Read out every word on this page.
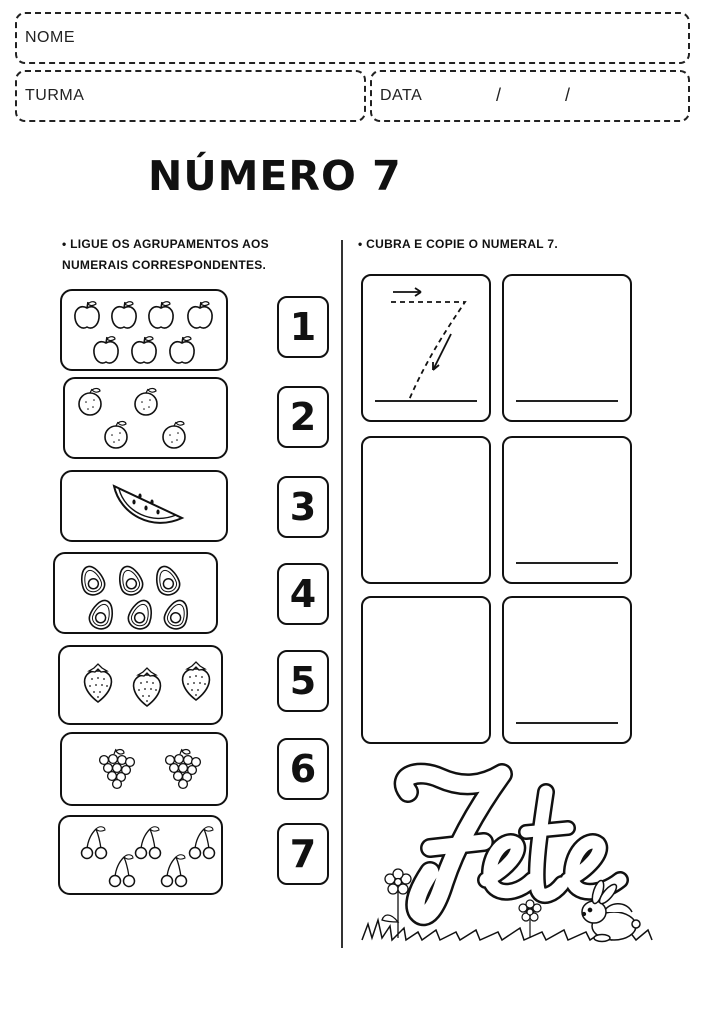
NOME
TURMA	DATA	/	/
NÚMERO 7
• LIGUE OS AGRUPAMENTOS AOS
NUMERAIS CORRESPONDENTES.
• CUBRA E COPIE O NUMERAL 7.
1
2
3
4
5
6
7
